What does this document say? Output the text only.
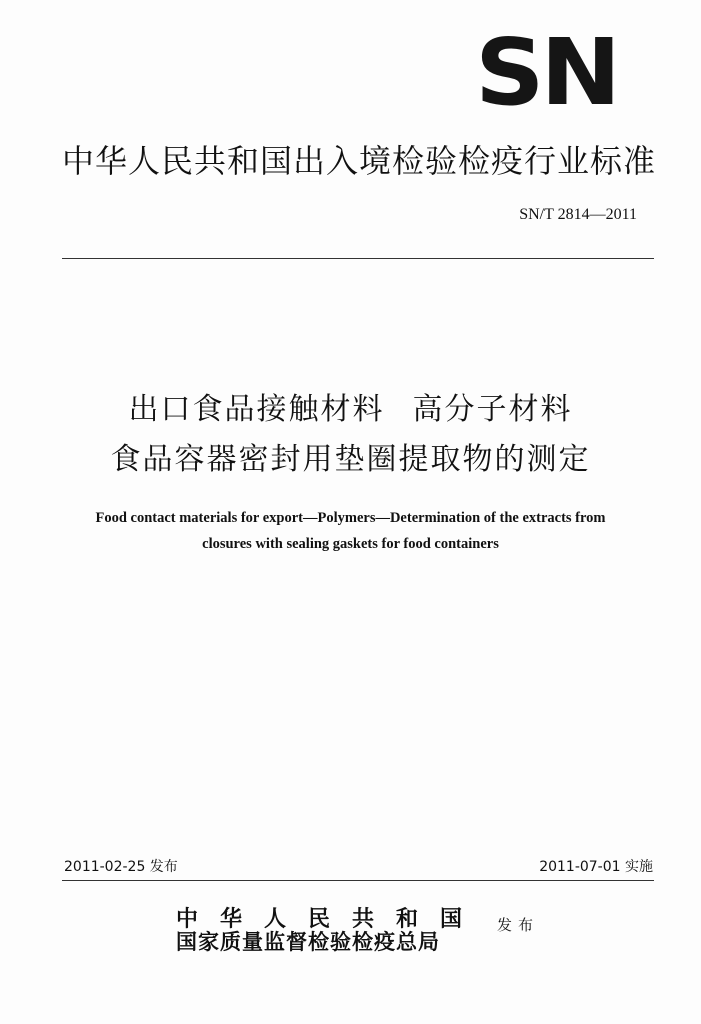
SN
中华人民共和国出入境检验检疫行业标准
SN/T 2814—2011
出口食品接触材料 高分子材料
食品容器密封用垫圈提取物的测定
Food contact materials for export—Polymers—Determination of the extracts from
closures with sealing gaskets for food containers
2011-02-25 发布	2011-07-01 实施
中华人民共和国
国家质量监督检验检疫总局
发布
